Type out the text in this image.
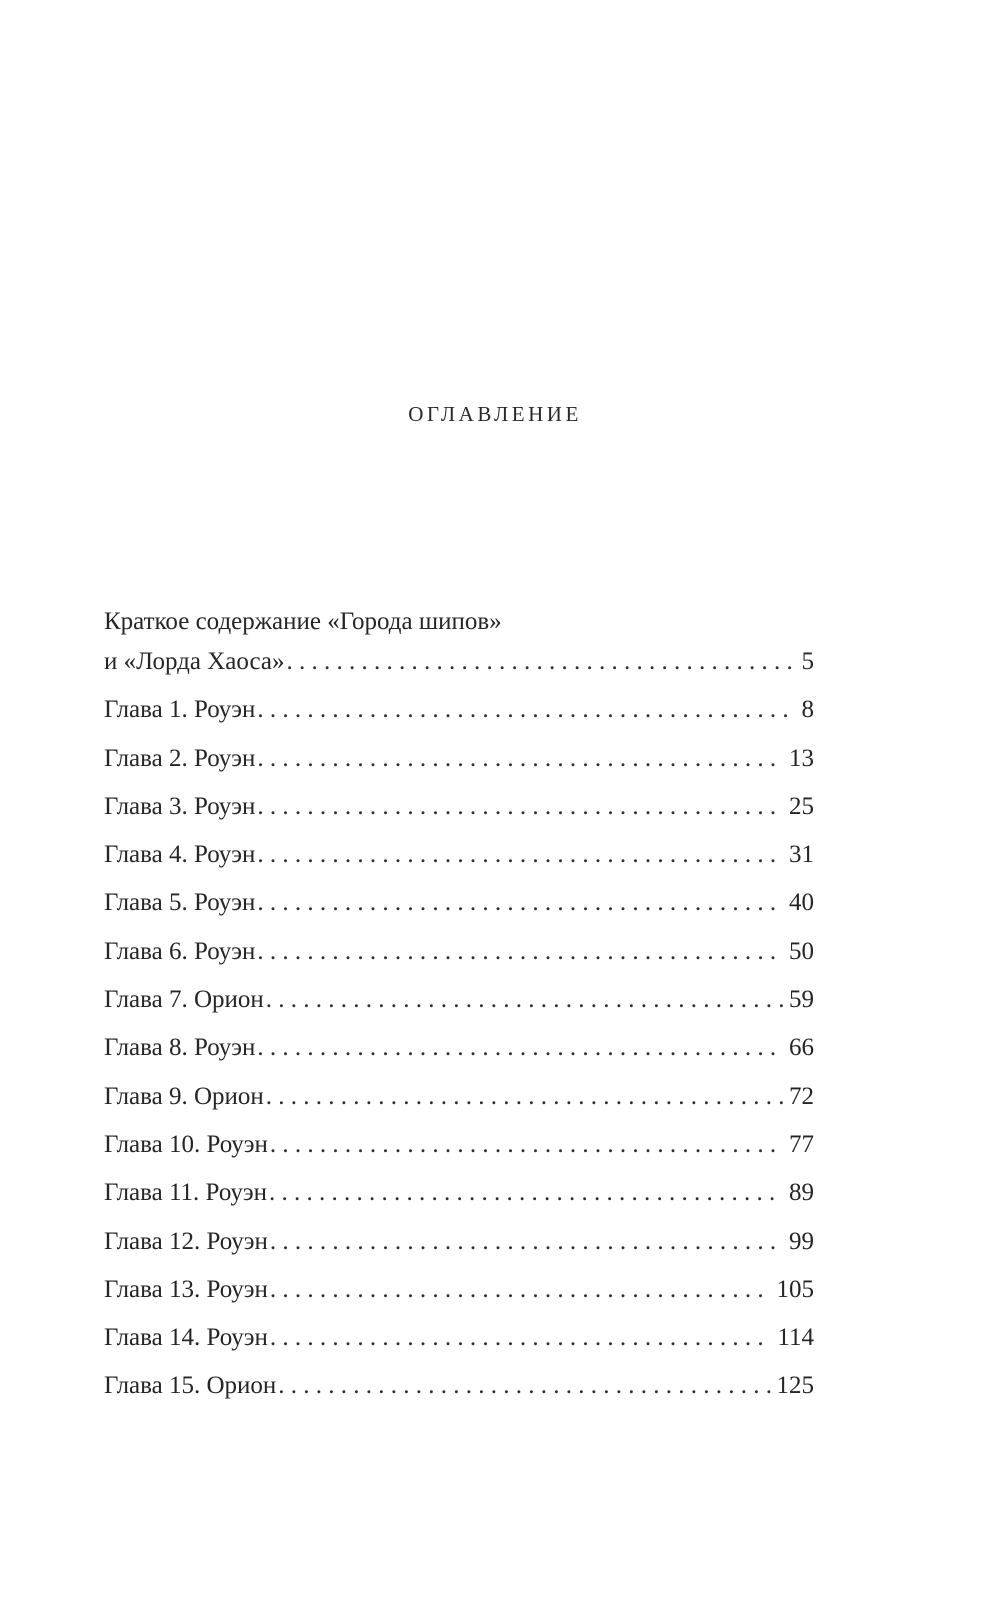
ОГЛАВЛЕНИЕ
Краткое содержание «Города шипов»
и «Лорда Хаоса» . . .	5
Глава 1. Роуэн . . .	8
Глава 2. Роуэн . . .	13
Глава 3. Роуэн . . .	25
Глава 4. Роуэн . . .	31
Глава 5. Роуэн . . .	40
Глава 6. Роуэн . . .	50
Глава 7. Орион . . .	59
Глава 8. Роуэн . . .	66
Глава 9. Орион . . .	72
Глава 10. Роуэн . . .	77
Глава 11. Роуэн . . .	89
Глава 12. Роуэн . . .	99
Глава 13. Роуэн . . .	105
Глава 14. Роуэн . . .	114
Глава 15. Орион . . .	125
